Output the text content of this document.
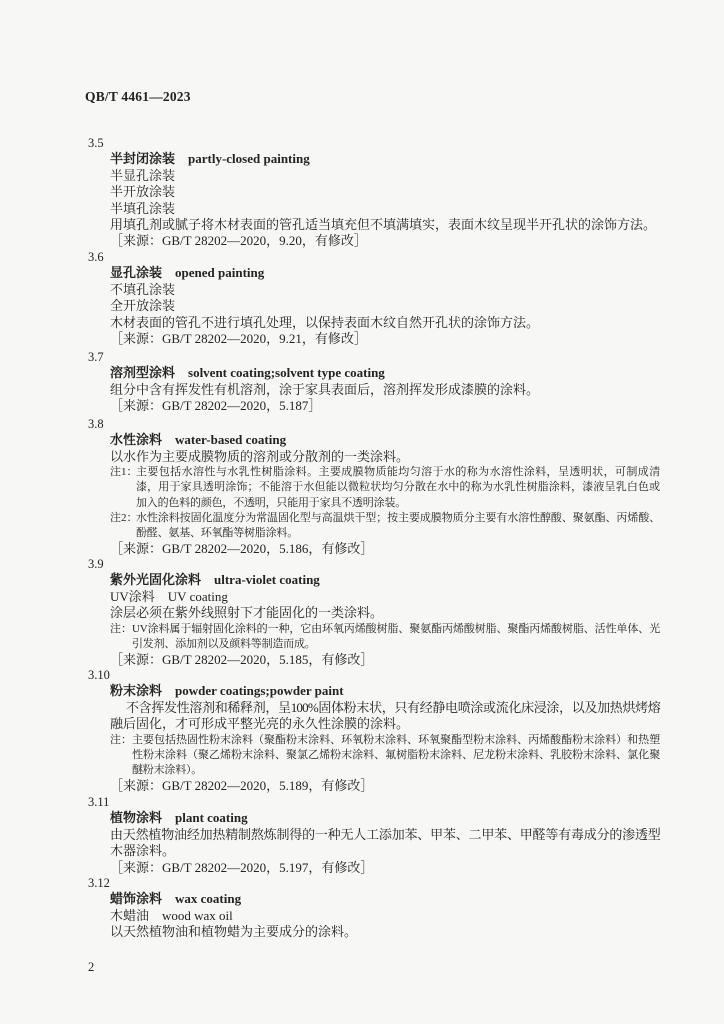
QB/T 4461—2023
3.5
半封闭涂装 partly-closed painting
半显孔涂装
半开放涂装
半填孔涂装
用填孔剂或腻子将木材表面的管孔适当填充但不填满填实，表面木纹呈现半开孔状的涂饰方法。
［来源：GB/T 28202—2020，9.20，有修改］
3.6
显孔涂装 opened painting
不填孔涂装
全开放涂装
木材表面的管孔不进行填孔处理，以保持表面木纹自然开孔状的涂饰方法。
［来源：GB/T 28202—2020，9.21，有修改］
3.7
溶剂型涂料 solvent coating;solvent type coating
组分中含有挥发性有机溶剂，涂于家具表面后，溶剂挥发形成漆膜的涂料。
［来源：GB/T 28202—2020，5.187］
3.8
水性涂料 water-based coating
以水作为主要成膜物质的溶剂或分散剂的一类涂料。
注1：
主要包括水溶性与水乳性树脂涂料。主要成膜物质能均匀溶于水的称为水溶性涂料，呈透明状，可制成清
漆，用于家具透明涂饰；不能溶于水但能以微粒状均匀分散在水中的称为水乳性树脂涂料，漆液呈乳白色或
加入的色料的颜色，不透明，只能用于家具不透明涂装。
注2：
水性涂料按固化温度分为常温固化型与高温烘干型；按主要成膜物质分主要有水溶性醇酸、聚氨酯、丙烯酸、
酚醛、氨基、环氧酯等树脂涂料。
［来源：GB/T 28202—2020，5.186，有修改］
3.9
紫外光固化涂料 ultra-violet coating
UV涂料 UV coating
涂层必须在紫外线照射下才能固化的一类涂料。
注： UV涂料属于辐射固化涂料的一种，它由环氧丙烯酸树脂、聚氨酯丙烯酸树脂、聚酯丙烯酸树脂、活性单体、光
引发剂、添加剂以及颜料等制造而成。
［来源：GB/T 28202—2020，5.185，有修改］
3.10
粉末涂料 powder coatings;powder paint
不含挥发性溶剂和稀释剂，呈100%固体粉末状，只有经静电喷涂或流化床浸涂，以及加热烘烤熔
融后固化，才可形成平整光亮的永久性涂膜的涂料。
注： 主要包括热固性粉末涂料（聚酯粉末涂料、环氧粉末涂料、环氧聚酯型粉末涂料、丙烯酸酯粉末涂料）和热塑
性粉末涂料（聚乙烯粉末涂料、聚氯乙烯粉末涂料、氟树脂粉末涂料、尼龙粉末涂料、乳胶粉末涂料、氯化聚
醚粉末涂料）。
［来源：GB/T 28202—2020，5.189，有修改］
3.11
植物涂料 plant coating
由天然植物油经加热精制熬炼制得的一种无人工添加苯、甲苯、二甲苯、甲醛等有毒成分的渗透型
木器涂料。
［来源：GB/T 28202—2020，5.197，有修改］
3.12
蜡饰涂料 wax coating
木蜡油 wood wax oil
以天然植物油和植物蜡为主要成分的涂料。
2
